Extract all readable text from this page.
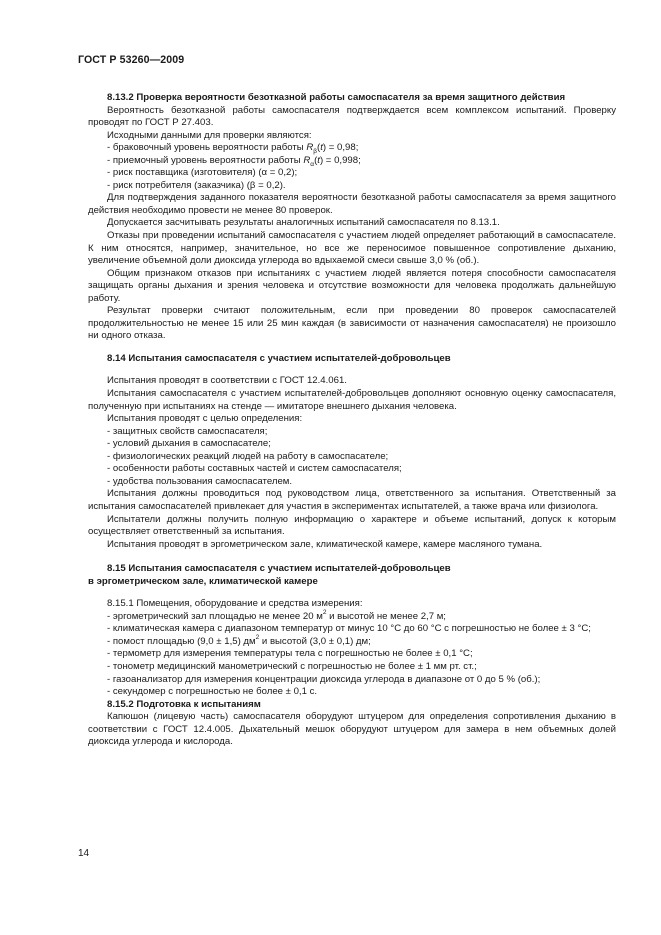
ГОСТ Р 53260—2009
8.13.2 Проверка вероятности безотказной работы самоспасателя за время защитного действия

Вероятность безотказной работы самоспасателя подтверждается всем комплексом испытаний. Проверку проводят по ГОСТ Р 27.403.

Исходными данными для проверки являются:

- браковочный уровень вероятности работы $R_\beta(t) = 0,98$;

- приемочный уровень вероятности работы $R_\alpha(t) = 0,998$;

- риск поставщика (изготовителя) (α = 0,2);

- риск потребителя (заказчика) (β = 0,2).

Для подтверждения заданного показателя вероятности безотказной работы самоспасателя за время защитного действия необходимо провести не менее 80 проверок.

Допускается засчитывать результаты аналогичных испытаний самоспасателя по 8.13.1.

Отказы при проведении испытаний самоспасателя с участием людей определяет работающий в самоспасателе. К ним относятся, например, значительное, но все же переносимое повышенное сопротивление дыханию, увеличение объемной доли диоксида углерода во вдыхаемой смеси свыше 3,0 % (об.).

Общим признаком отказов при испытаниях с участием людей является потеря способности самоспасателя защищать органы дыхания и зрения человека и отсутствие возможности для человека продолжать дальнейшую работу.

Результат проверки считают положительным, если при проведении 80 проверок самоспасателей продолжительностью не менее 15 или 25 мин каждая (в зависимости от назначения самоспасателя) не произошло ни одного отказа.

8.14 Испытания самоспасателя с участием испытателей-добровольцев

Испытания проводят в соответствии с ГОСТ 12.4.061.

Испытания самоспасателя с участием испытателей-добровольцев дополняют основную оценку самоспасателя, полученную при испытаниях на стенде — имитаторе внешнего дыхания человека.

Испытания проводят с целью определения:

- защитных свойств самоспасателя;

- условий дыхания в самоспасателе;

- физиологических реакций людей на работу в самоспасателе;

- особенности работы составных частей и систем самоспасателя;

- удобства пользования самоспасателем.

Испытания должны проводиться под руководством лица, ответственного за испытания. Ответственный за испытания самоспасателей привлекает для участия в экспериментах испытателей, а также врача или физиолога.

Испытатели должны получить полную информацию о характере и объеме испытаний, допуск к которым осуществляет ответственный за испытания.

Испытания проводят в эргометрическом зале, климатической камере, камере масляного тумана.

8.15 Испытания самоспасателя с участием испытателей-добровольцев
в эргометрическом зале, климатической камере

8.15.1 Помещения, оборудование и средства измерения:

- эргометрический зал площадью не менее 20 $м^2$ и высотой не менее 2,7 м;

- климатическая камера с диапазоном температур от минус 10 °С до 60 °С с погрешностью не более ± 3 °С;

- помост площадью (9,0 ± 1,5) $дм^2$ и высотой (3,0 ± 0,1) дм;

- термометр для измерения температуры тела с погрешностью не более ± 0,1 °С;

- тонометр медицинский манометрический с погрешностью не более ± 1 мм рт. ст.;

- газоанализатор для измерения концентрации диоксида углерода в диапазоне от 0 до 5 % (об.);

- секундомер с погрешностью не более ± 0,1 с.

8.15.2 Подготовка к испытаниям

Капюшон (лицевую часть) самоспасателя оборудуют штуцером для определения сопротивления дыханию в соответствии с ГОСТ 12.4.005. Дыхательный мешок оборудуют штуцером для замера в нем объемных долей диоксида углерода и кислорода.

14
